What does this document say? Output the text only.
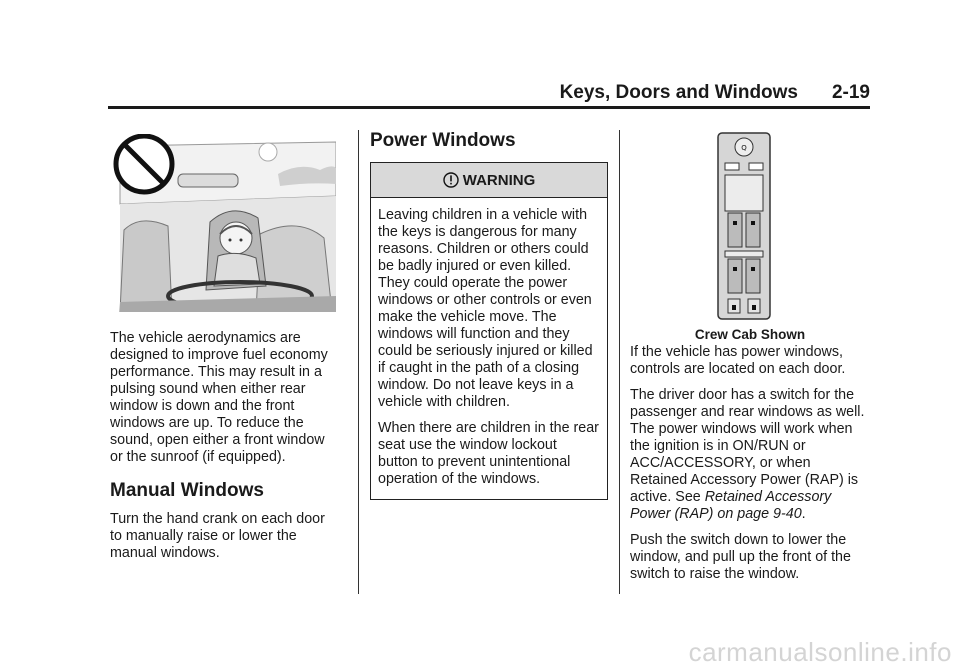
Keys, Doors and Windows 2-19

The vehicle aerodynamics are designed to improve fuel economy performance. This may result in a pulsing sound when either rear window is down and the front windows are up. To reduce the sound, open either a front window or the sunroof (if equipped).

Manual Windows

Turn the hand crank on each door to manually raise or lower the manual windows.

Power Windows
WARNING

Leaving children in a vehicle with the keys is dangerous for many reasons. Children or others could be badly injured or even killed. They could operate the power windows or other controls or even make the vehicle move. The windows will function and they could be seriously injured or killed if caught in the path of a closing window. Do not leave keys in a vehicle with children.

When there are children in the rear seat use the window lockout button to prevent unintentional operation of the windows.

Q
Crew Cab Shown

If the vehicle has power windows, controls are located on each door.

The driver door has a switch for the passenger and rear windows as well. The power windows will work when the ignition is in ON/RUN or ACC/ACCESSORY, or when Retained Accessory Power (RAP) is active. See Retained Accessory Power (RAP) on page 9-40.

Push the switch down to lower the window, and pull up the front of the switch to raise the window.

carmanualsonline.info
